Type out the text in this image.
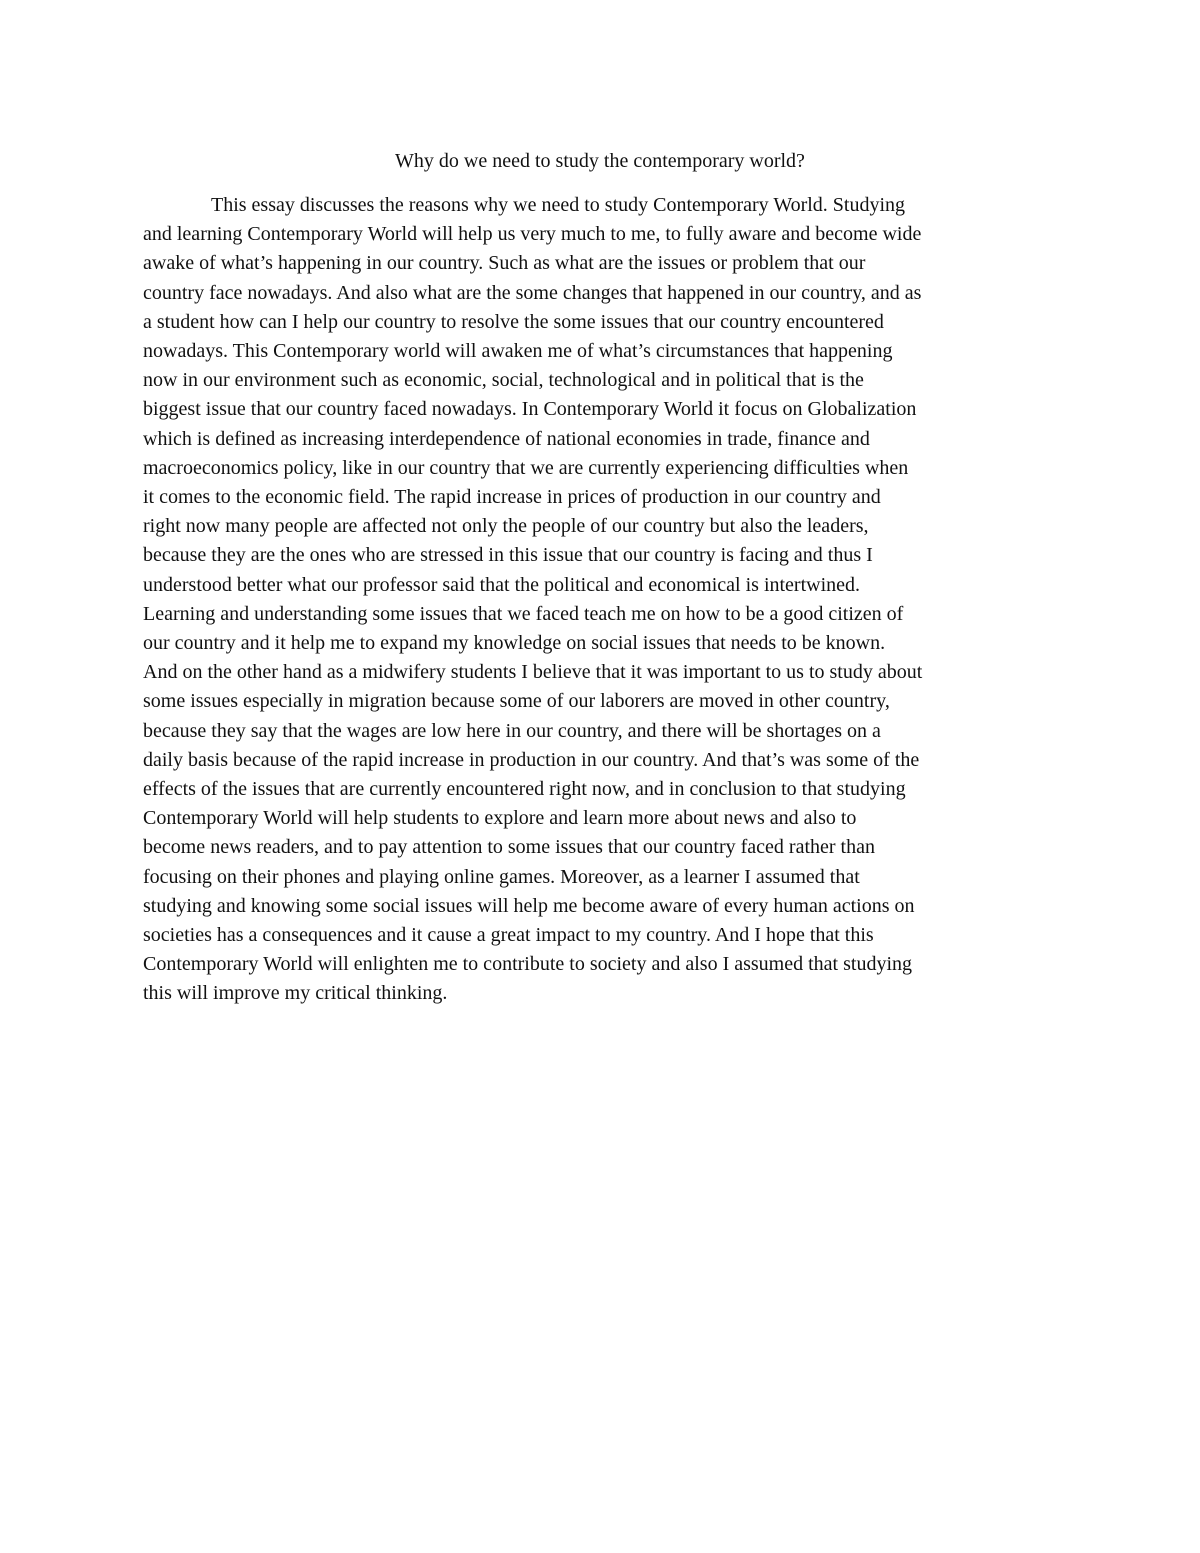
Why do we need to study the contemporary world?
This essay discusses the reasons why we need to study Contemporary World. Studying
and learning Contemporary World will help us very much to me, to fully aware and become wide
awake of what’s happening in our country. Such as what are the issues or problem that our
country face nowadays. And also what are the some changes that happened in our country, and as
a student how can I help our country to resolve the some issues that our country encountered
nowadays. This Contemporary world will awaken me of what’s circumstances that happening
now in our environment such as economic, social, technological and in political that is the
biggest issue that our country faced nowadays. In Contemporary World it focus on Globalization
which is defined as increasing interdependence of national economies in trade, finance and
macroeconomics policy, like in our country that we are currently experiencing difficulties when
it comes to the economic field. The rapid increase in prices of production in our country and
right now many people are affected not only the people of our country but also the leaders,
because they are the ones who are stressed in this issue that our country is facing and thus I
understood better what our professor said that the political and economical is intertwined.
Learning and understanding some issues that we faced teach me on how to be a good citizen of
our country and it help me to expand my knowledge on social issues that needs to be known.
And on the other hand as a midwifery students I believe that it was important to us to study about
some issues especially in migration because some of our laborers are moved in other country,
because they say that the wages are low here in our country, and there will be shortages on a
daily basis because of the rapid increase in production in our country. And that’s was some of the
effects of the issues that are currently encountered right now, and in conclusion to that studying
Contemporary World will help students to explore and learn more about news and also to
become news readers, and to pay attention to some issues that our country faced rather than
focusing on their phones and playing online games. Moreover, as a learner I assumed that
studying and knowing some social issues will help me become aware of every human actions on
societies has a consequences and it cause a great impact to my country. And I hope that this
Contemporary World will enlighten me to contribute to society and also I assumed that studying
this will improve my critical thinking.
